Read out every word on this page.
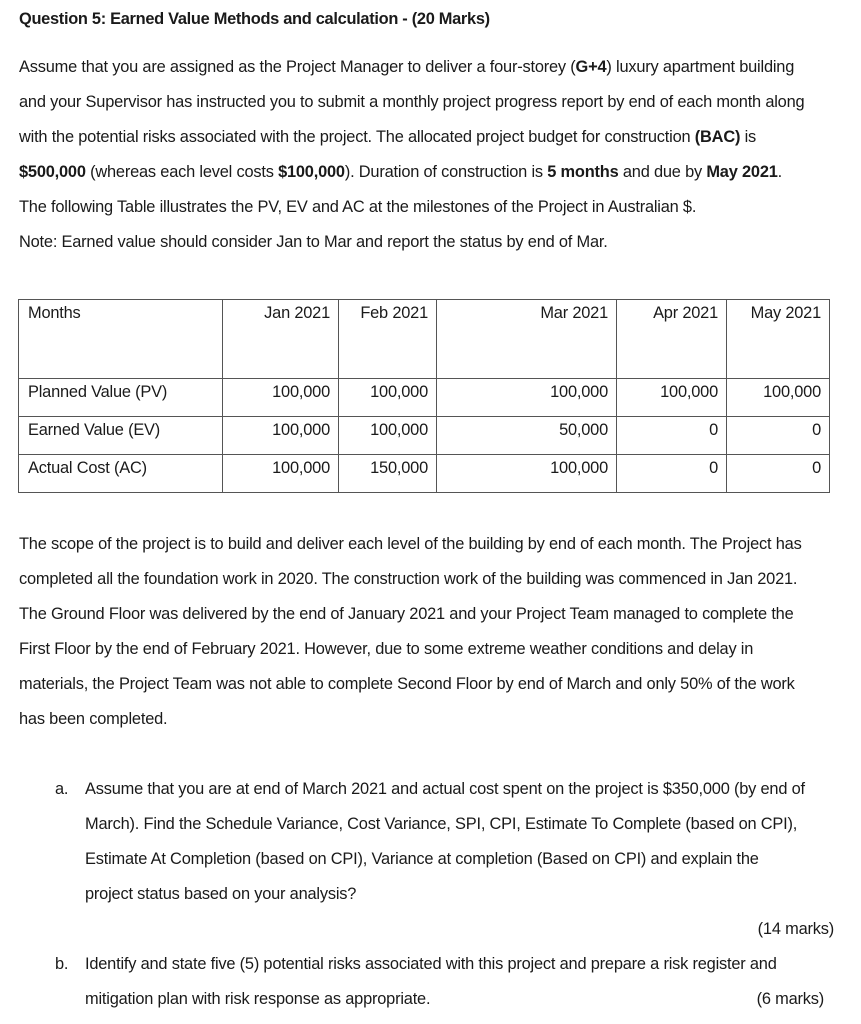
Question 5: Earned Value Methods and calculation - (20 Marks)
Assume that you are assigned as the Project Manager to deliver a four-storey (G+4) luxury apartment building
and your Supervisor has instructed you to submit a monthly project progress report by end of each month along
with the potential risks associated with the project. The allocated project budget for construction (BAC) is
$500,000 (whereas each level costs $100,000). Duration of construction is 5 months and due by May 2021.
The following Table illustrates the PV, EV and AC at the milestones of the Project in Australian $.
Note: Earned value should consider Jan to Mar and report the status by end of Mar.
Months	Jan 2021	Feb 2021	Mar 2021	Apr 2021	May 2021
Planned Value (PV)	100,000	100,000	100,000	100,000	100,000
Earned Value (EV)	100,000	100,000	50,000	0	0
Actual Cost (AC)	100,000	150,000	100,000	0	0
The scope of the project is to build and deliver each level of the building by end of each month. The Project has
completed all the foundation work in 2020. The construction work of the building was commenced in Jan 2021.
The Ground Floor was delivered by the end of January 2021 and your Project Team managed to complete the
First Floor by the end of February 2021. However, due to some extreme weather conditions and delay in
materials, the Project Team was not able to complete Second Floor by end of March and only 50% of the work
has been completed.
a. Assume that you are at end of March 2021 and actual cost spent on the project is $350,000 (by end of
March). Find the Schedule Variance, Cost Variance, SPI, CPI, Estimate To Complete (based on CPI),
Estimate At Completion (based on CPI), Variance at completion (Based on CPI) and explain the
project status based on your analysis?
(14 marks)
b. Identify and state five (5) potential risks associated with this project and prepare a risk register and
mitigation plan with risk response as appropriate.	(6 marks)
